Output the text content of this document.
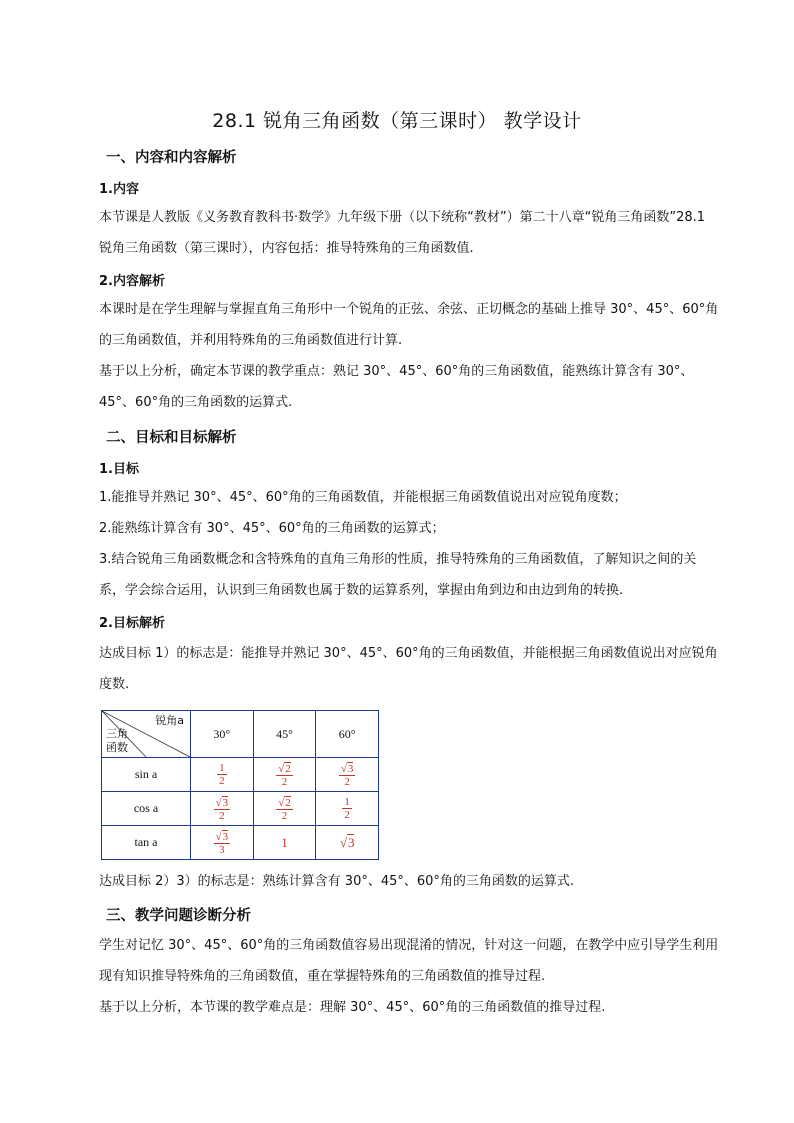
28.1 锐角三角函数（第三课时） 教学设计
一、内容和内容解析
1.内容
本节课是人教版《义务教育教科书·数学》九年级下册（以下统称“教材”）第二十八章“锐角三角函数”28.1 锐角三角函数（第三课时），内容包括：推导特殊角的三角函数值.
2.内容解析
本课时是在学生理解与掌握直角三角形中一个锐角的正弦、余弦、正切概念的基础上推导 30°、45°、60°角的三角函数值，并利用特殊角的三角函数值进行计算.
基于以上分析，确定本节课的教学重点：熟记 30°、45°、60°角的三角函数值，能熟练计算含有 30°、45°、60°角的三角函数的运算式.
二、目标和目标解析
1.目标
1.能推导并熟记 30°、45°、60°角的三角函数值，并能根据三角函数值说出对应锐角度数；
2.能熟练计算含有 30°、45°、60°角的三角函数的运算式；
3.结合锐角三角函数概念和含特殊角的直角三角形的性质，推导特殊角的三角函数值，了解知识之间的关系，学会综合运用，认识到三角函数也属于数的运算系列，掌握由角到边和由边到角的转换.
2.目标解析
达成目标 1）的标志是：能推导并熟记 30°、45°、60°角的三角函数值，并能根据三角函数值说出对应锐角度数.
锐角a
三角
函数	30°	45°	60°
sin a	$\frac{1}{2}$	$\frac{√2}{2}$	$\frac{√3}{2}$

cos a	$\frac{√3}{2}$	$\frac{√2}{2}$	$\frac{1}{2}$

tan a	$\frac{√3}{3}$	1	√3
达成目标 2）3）的标志是：熟练计算含有 30°、45°、60°角的三角函数的运算式.
三、教学问题诊断分析
学生对记忆 30°、45°、60°角的三角函数值容易出现混淆的情况，针对这一问题，在教学中应引导学生利用现有知识推导特殊角的三角函数值，重在掌握特殊角的三角函数值的推导过程.
基于以上分析，本节课的教学难点是：理解 30°、45°、60°角的三角函数值的推导过程.
